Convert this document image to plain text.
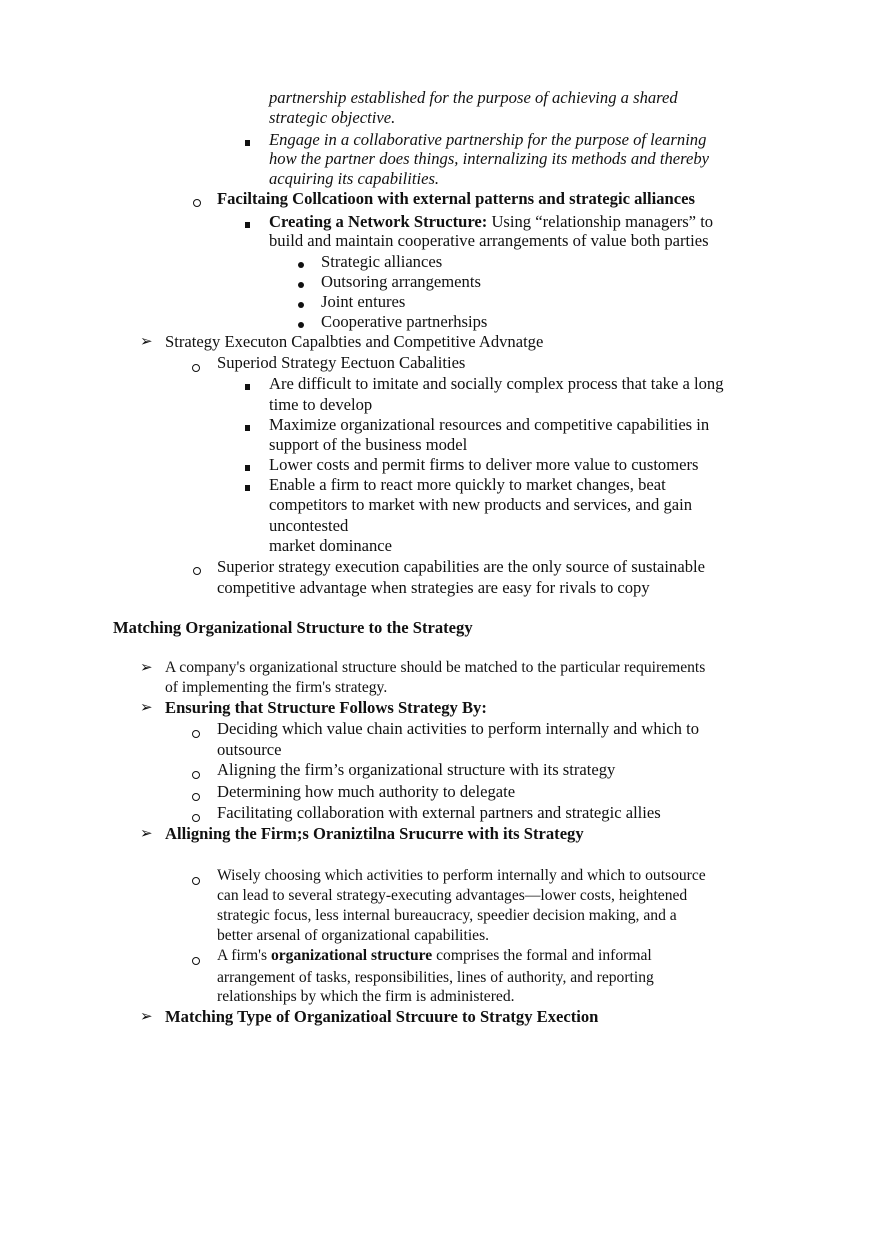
partnership established for the purpose of achieving a shared
strategic objective.
Engage in a collaborative partnership for the purpose of learning
how the partner does things, internalizing its methods and thereby
acquiring its capabilities.
Faciltaing Collcatioon with external patterns and strategic alliances
Creating a Network Structure: Using “relationship managers” to
build and maintain cooperative arrangements of value both parties
Strategic alliances
Outsoring arrangements
Joint entures
Cooperative partnerhsips
➢ Strategy Executon Capalbties and Competitive Advnatge
Superiod Strategy Eectuon Cabalities
Are difficult to imitate and socially complex process that take a long
time to develop
Maximize organizational resources and competitive capabilities in
support of the business model
Lower costs and permit firms to deliver more value to customers
Enable a firm to react more quickly to market changes, beat
competitors to market with new products and services, and gain
uncontested
market dominance
Superior strategy execution capabilities are the only source of sustainable
competitive advantage when strategies are easy for rivals to copy
Matching Organizational Structure to the Strategy
➢ A company's organizational structure should be matched to the particular requirements
of implementing the firm's strategy.
➢ Ensuring that Structure Follows Strategy By:
Deciding which value chain activities to perform internally and which to
outsource
Aligning the firm’s organizational structure with its strategy
Determining how much authority to delegate
Facilitating collaboration with external partners and strategic allies
➢ Alligning the Firm;s Oraniztilna Srucurre with its Strategy
Wisely choosing which activities to perform internally and which to outsource
can lead to several strategy-executing advantages—lower costs, heightened
strategic focus, less internal bureaucracy, speedier decision making, and a
better arsenal of organizational capabilities.
A firm's organizational structure comprises the formal and informal
arrangement of tasks, responsibilities, lines of authority, and reporting
relationships by which the firm is administered.
➢ Matching Type of Organizatioal Strcuure to Stratgy Exection
